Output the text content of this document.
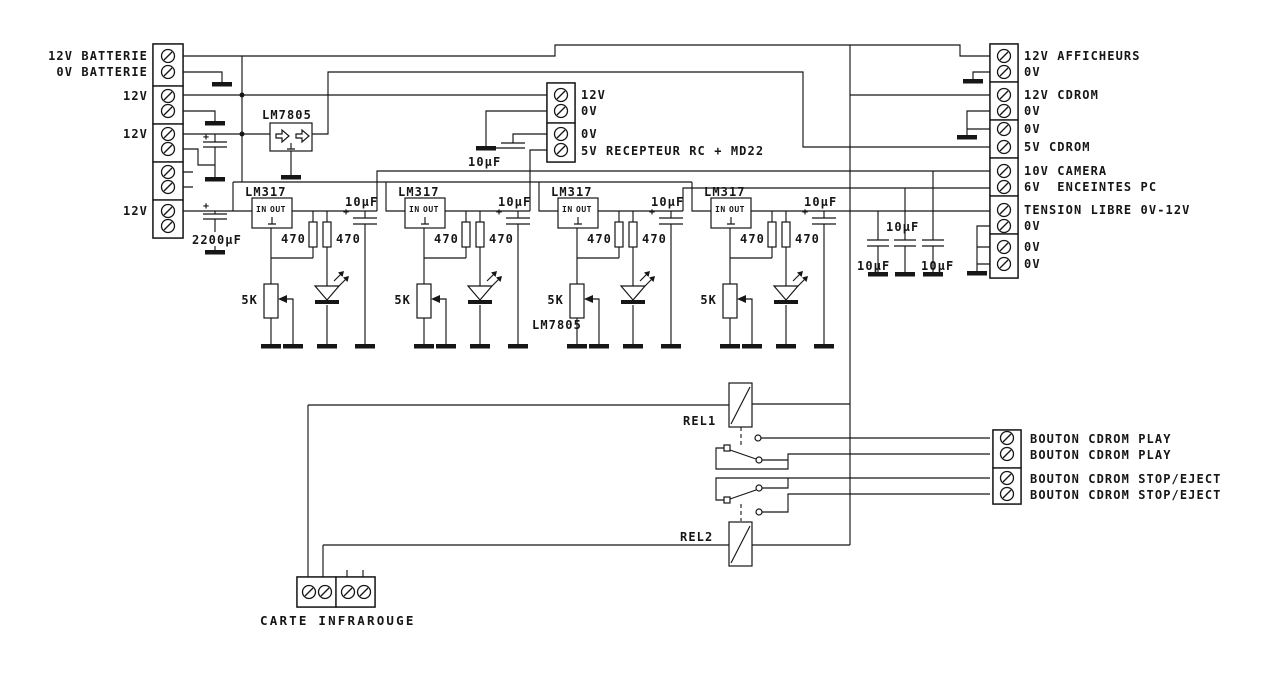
LM7805
LM7805
REL1
REL2
12V BATTERIE
0V BATTERIE
12V
12V
12V
12V
0V
0V
5V RECEPTEUR RC + MD22
10µF
12V AFFICHEURS
0V
12V CDROM
0V
0V
5V CDROM
10V CAMERA
6V  ENCEINTES PC
TENSION LIBRE 0V-12V
0V
0V
0V
10µF
10µF	10µF
BOUTON CDROM PLAY
BOUTON CDROM PLAY
BOUTON CDROM STOP/EJECT
BOUTON CDROM STOP/EJECT
CARTE INFRAROUGE
2200µF
+
+
